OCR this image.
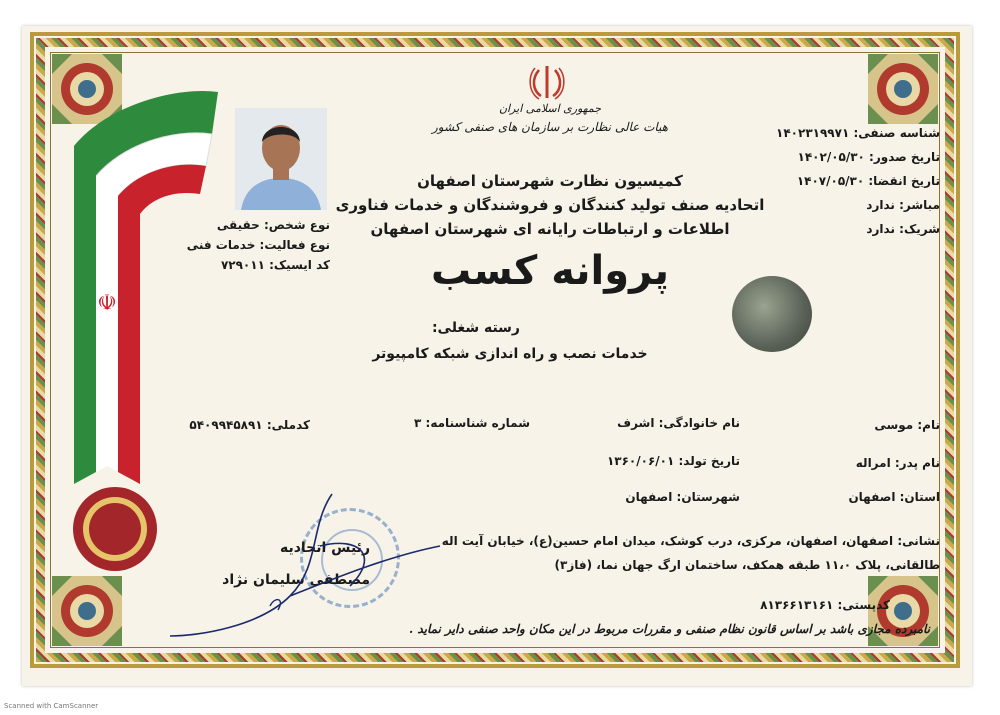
☫
جمهوری اسلامی ایران
هیات عالی نظارت بر سازمان های صنفی کشور
کمیسیون نظارت شهرستان اصفهان
اتحادیه صنف تولید کنندگان و فروشندگان و خدمات فناوری
اطلاعات و ارتباطات رایانه ای شهرستان اصفهان
پروانه کسب
شناسه صنفی: ۱۴۰۲۳۱۹۹۷۱
تاریخ صدور: ۱۴۰۲/۰۵/۳۰
تاریخ انقضا: ۱۴۰۷/۰۵/۳۰
مباشر: ندارد
شریک: ندارد
نوع شخص: حقیقی
نوع فعالیت: خدمات فنی
کد ایسیک: ۷۲۹۰۱۱
رسته شغلی:
خدمات نصب و راه اندازی شبکه کامپیوتر
نام: موسی
نام خانوادگی: اشرف
شماره شناسنامه: ۳
کدملی: ۵۴۰۹۹۴۵۸۹۱
نام پدر: امراله
تاریخ تولد: ۱۳۶۰/۰۶/۰۱
استان: اصفهان
شهرستان: اصفهان
نشانی: اصفهان، اصفهان، مرکزی، درب کوشک، میدان امام حسین(ع)، خیابان آیت اله
طالقانی، پلاک ۱۱،۰ طبقه همکف، ساختمان ارگ جهان نما، (فاز۳)
کدپستی: ۸۱۳۶۶۱۳۱۶۱
رئیس اتحادیه
مصطفی سلیمان نژاد
نامبرده مجازی باشد بر اساس قانون نظام صنفی و مقررات مربوط در این مکان واحد صنفی دایر نماید .
Scanned with CamScanner
